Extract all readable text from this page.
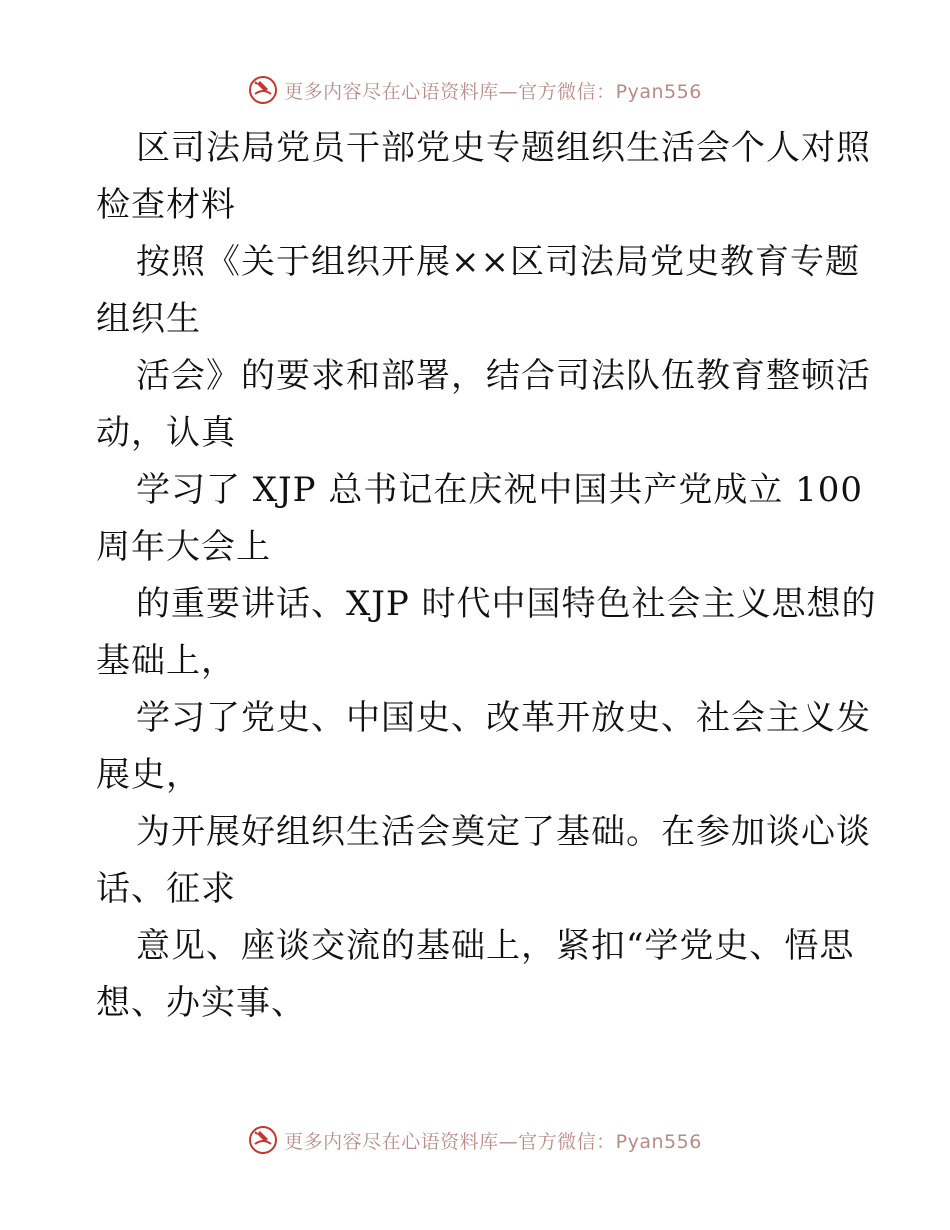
更多内容尽在心语资料库—官方微信：Pyan556
区司法局党员干部党史专题组织生活会个人对照
检查材料
按照《关于组织开展××区司法局党史教育专题
组织生
活会》的要求和部署，结合司法队伍教育整顿活
动，认真
学习了 XJP 总书记在庆祝中国共产党成立 100
周年大会上
的重要讲话、XJP 时代中国特色社会主义思想的
基础上，
学习了党史、中国史、改革开放史、社会主义发
展史，
为开展好组织生活会奠定了基础。在参加谈心谈
话、征求
意见、座谈交流的基础上，紧扣“学党史、悟思
想、办实事、
更多内容尽在心语资料库—官方微信：Pyan556
